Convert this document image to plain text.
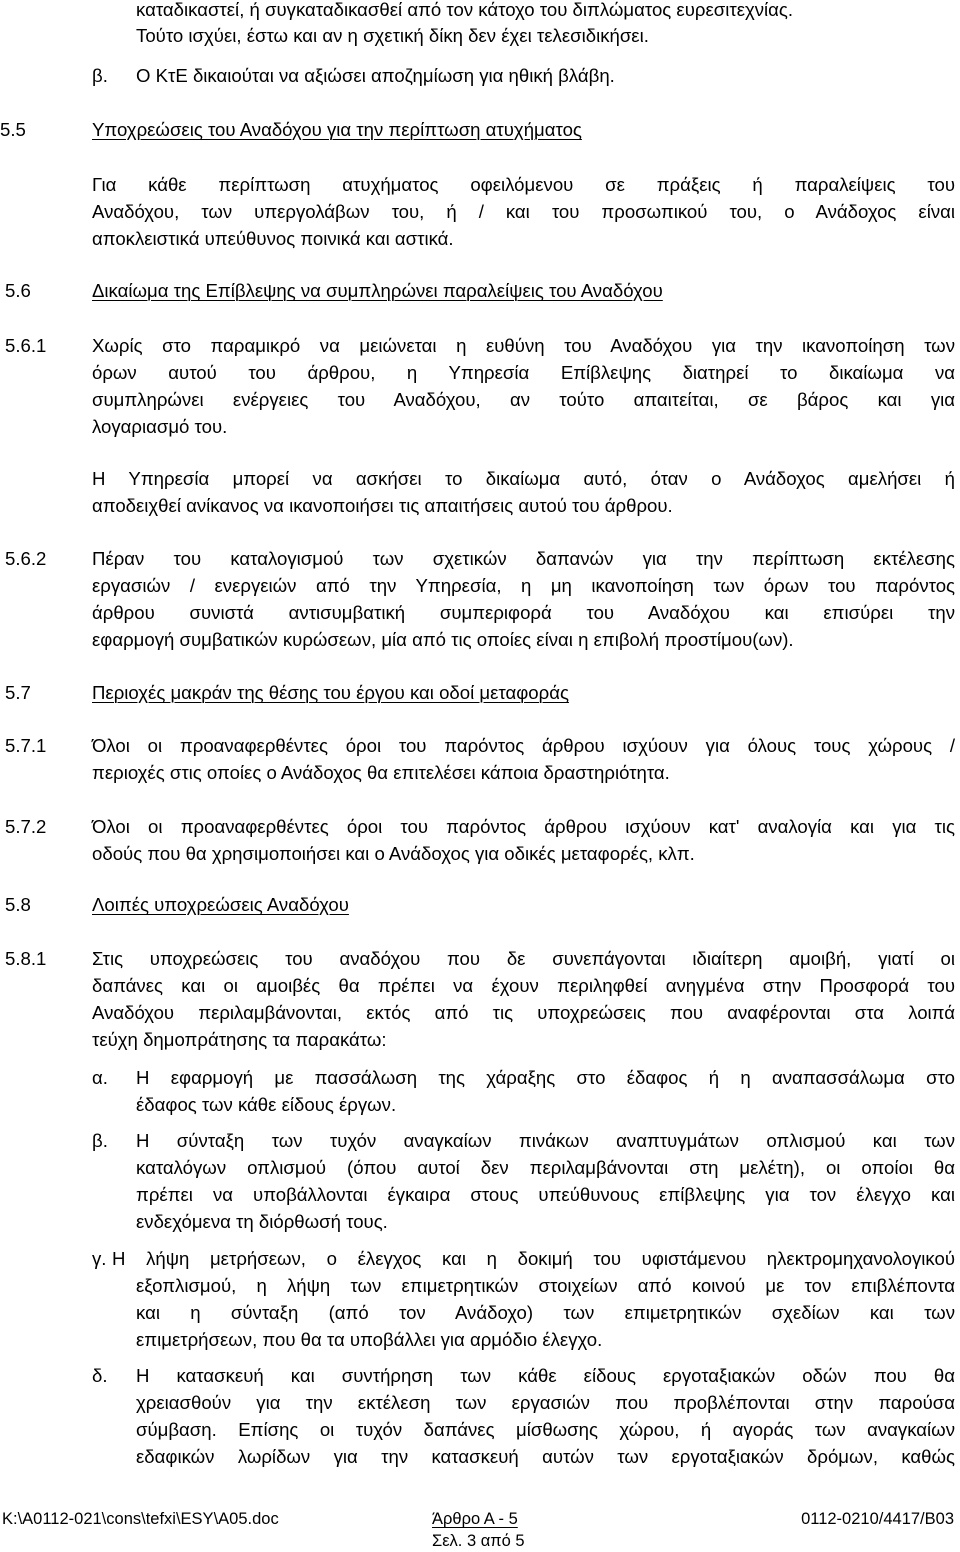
καταδικαστεί, ή συγκαταδικασθεί από τον κάτοχο του διπλώματος ευρεσιτεχνίας.
Τούτο ισχύει, έστω και αν η σχετική δίκη δεν έχει τελεσιδικήσει.
β. Ο ΚτΕ δικαιούται να αξιώσει αποζημίωση για ηθική βλάβη.
5.5	Υποχρεώσεις του Αναδόχου για την περίπτωση ατυχήματος
Για κάθε περίπτωση ατυχήματος οφειλόμενου σε πράξεις ή παραλείψεις του
Αναδόχου, των υπεργολάβων του, ή / και του προσωπικού του, ο Ανάδοχος είναι
αποκλειστικά υπεύθυνος ποινικά και αστικά.
5.6	Δικαίωμα της Επίβλεψης να συμπληρώνει παραλείψεις του Αναδόχου
5.6.1 Χωρίς στο παραμικρό να μειώνεται η ευθύνη του Αναδόχου για την ικανοποίηση των
όρων αυτού του άρθρου, η Υπηρεσία Επίβλεψης διατηρεί το δικαίωμα να
συμπληρώνει ενέργειες του Αναδόχου, αν τούτο απαιτείται, σε βάρος και για
λογαριασμό του.
Η Υπηρεσία μπορεί να ασκήσει το δικαίωμα αυτό, όταν ο Ανάδοχος αμελήσει ή
αποδειχθεί ανίκανος να ικανοποιήσει τις απαιτήσεις αυτού του άρθρου.
5.6.2 Πέραν του καταλογισμού των σχετικών δαπανών για την περίπτωση εκτέλεσης
εργασιών / ενεργειών από την Υπηρεσία, η μη ικανοποίηση των όρων του παρόντος
άρθρου συνιστά αντισυμβατική συμπεριφορά του Αναδόχου και επισύρει την
εφαρμογή συμβατικών κυρώσεων, μία από τις οποίες είναι η επιβολή προστίμου(ων).
5.7	Περιοχές μακράν της θέσης του έργου και οδοί μεταφοράς
5.7.1 Όλοι οι προαναφερθέντες όροι του παρόντος άρθρου ισχύουν για όλους τους χώρους /
περιοχές στις οποίες ο Ανάδοχος θα επιτελέσει κάποια δραστηριότητα.
5.7.2 Όλοι οι προαναφερθέντες όροι του παρόντος άρθρου ισχύουν κατ' αναλογία και για τις
οδούς που θα χρησιμοποιήσει και ο Ανάδοχος για οδικές μεταφορές, κλπ.
5.8	Λοιπές υποχρεώσεις Αναδόχου
5.8.1 Στις υποχρεώσεις του αναδόχου που δε συνεπάγονται ιδιαίτερη αμοιβή, γιατί οι
δαπάνες και οι αμοιβές θα πρέπει να έχουν περιληφθεί ανηγμένα στην Προσφορά του
Αναδόχου περιλαμβάνονται, εκτός από τις υποχρεώσεις που αναφέρονται στα λοιπά
τεύχη δημοπράτησης τα παρακάτω:
α. Η εφαρμογή με πασσάλωση της χάραξης στο έδαφος ή η αναπασσάλωμα στο
έδαφος των κάθε είδους έργων.
β. Η σύνταξη των τυχόν αναγκαίων πινάκων αναπτυγμάτων οπλισμού και των
καταλόγων οπλισμού (όπου αυτοί δεν περιλαμβάνονται στη μελέτη), οι οποίοι θα
πρέπει να υποβάλλονται έγκαιρα στους υπεύθυνους επίβλεψης για τον έλεγχο και
ενδεχόμενα τη διόρθωσή τους.
γ. Η λήψη μετρήσεων, ο έλεγχος και η δοκιμή του υφιστάμενου ηλεκτρομηχανολογικού
εξοπλισμού, η λήψη των επιμετρητικών στοιχείων από κοινού με τον επιβλέποντα
και η σύνταξη (από τον Ανάδοχο) των επιμετρητικών σχεδίων και των
επιμετρήσεων, που θα τα υποβάλλει για αρμόδιο έλεγχο.
δ. Η κατασκευή και συντήρηση των κάθε είδους εργοταξιακών οδών που θα
χρειασθούν για την εκτέλεση των εργασιών που προβλέπονται στην παρούσα
σύμβαση. Επίσης οι τυχόν δαπάνες μίσθωσης χώρου, ή αγοράς των αναγκαίων
εδαφικών λωρίδων για την κατασκευή αυτών των εργοταξιακών δρόμων, καθώς
K:\A0112-021\cons\tefxi\ESY\A05.doc	Άρθρο Α - 5	0112-0210/4417/B03
Σελ. 3 από 5
